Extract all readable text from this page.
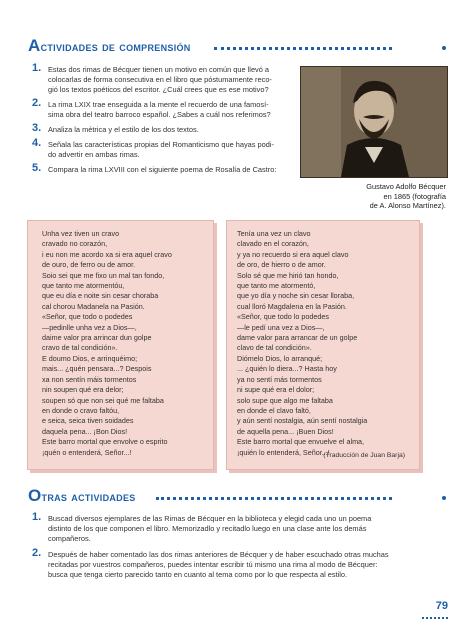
A ctividades de comprensión
1. Estas dos rimas de Bécquer tienen un motivo en común que llevó a
colocarlas de forma consecutiva en el libro que póstumamente reco-
gió los textos poéticos del escritor. ¿Cuál crees que es ese motivo?
2. La rima LXIX trae enseguida a la mente el recuerdo de una famosí-
sima obra del teatro barroco español. ¿Sabes a cuál nos referimos?
3. Analiza la métrica y el estilo de los dos textos.
4. Señala las características propias del Romanticismo que hayas podi-
do advertir en ambas rimas.
5. Compara la rima LXVIII con el siguiente poema de Rosalía de Castro:
Gustavo Adolfo Bécquer
en 1865 (fotografía
de A. Alonso Martínez).
Unha vez tiven un cravo
cravado no corazón,
i eu non me acordo xa si era aquel cravo
de ouro, de ferro ou de amor.
Soio sei que me fixo un mal tan fondo,
que tanto me atormentóu,
que eu día e noite sin cesar choraba
cal chorou Madanela na Pasión.
«Señor, que todo o podedes
—pedinlle unha vez a Dios—,
daime valor pra arrincar dun golpe
cravo de tal condición».
E doumo Dios, e arrinquéimo;
mais... ¿quén pensara...? Despois
xa non sentín máis tormentos
nin soupen qué era delor;
soupen só que non sei qué me faltaba
en donde o cravo faltóu,
e seica, seica tiven soidades
daquela pena... ¡Bon Dios!
Este barro mortal que envolve o esprito
¡quén o entenderá, Señor...!
Tenía una vez un clavo
clavado en el corazón,
y ya no recuerdo si era aquel clavo
de oro, de hierro o de amor.
Solo sé que me hirió tan hondo,
que tanto me atormentó,
que yo día y noche sin cesar lloraba,
cual lloró Magdalena en la Pasión.
«Señor, que todo lo podedes
—le pedí una vez a Dios—,
dame valor para arrancar de un golpe
clavo de tal condición».
Diómelo Dios, lo arranqué;
... ¿quién lo diera...? Hasta hoy
ya no sentí más tormentos
ni supe qué era el dolor;
solo supe que algo me faltaba
en donde el clavo faltó,
y aún sentí nostalgia, aún sentí nostalgia
de aquella pena... ¡Buen Dios!
Este barro mortal que envuelve el alma,
¡quién lo entenderá, Señor...!
(Traducción de Juan Barja)
O tras actividades
1. Buscad diversos ejemplares de las Rimas de Bécquer en la biblioteca y elegid cada uno un poema
distinto de los que componen el libro. Memorizadlo y recitadlo luego en una clase ante los demás
compañeros.
2. Después de haber comentado las dos rimas anteriores de Bécquer y de haber escuchado otras muchas
recitadas por vuestros compañeros, puedes intentar escribir tú mismo una rima al modo de Bécquer:
busca que tenga cierto parecido tanto en cuanto al tema como por lo que respecta al estilo.
79
